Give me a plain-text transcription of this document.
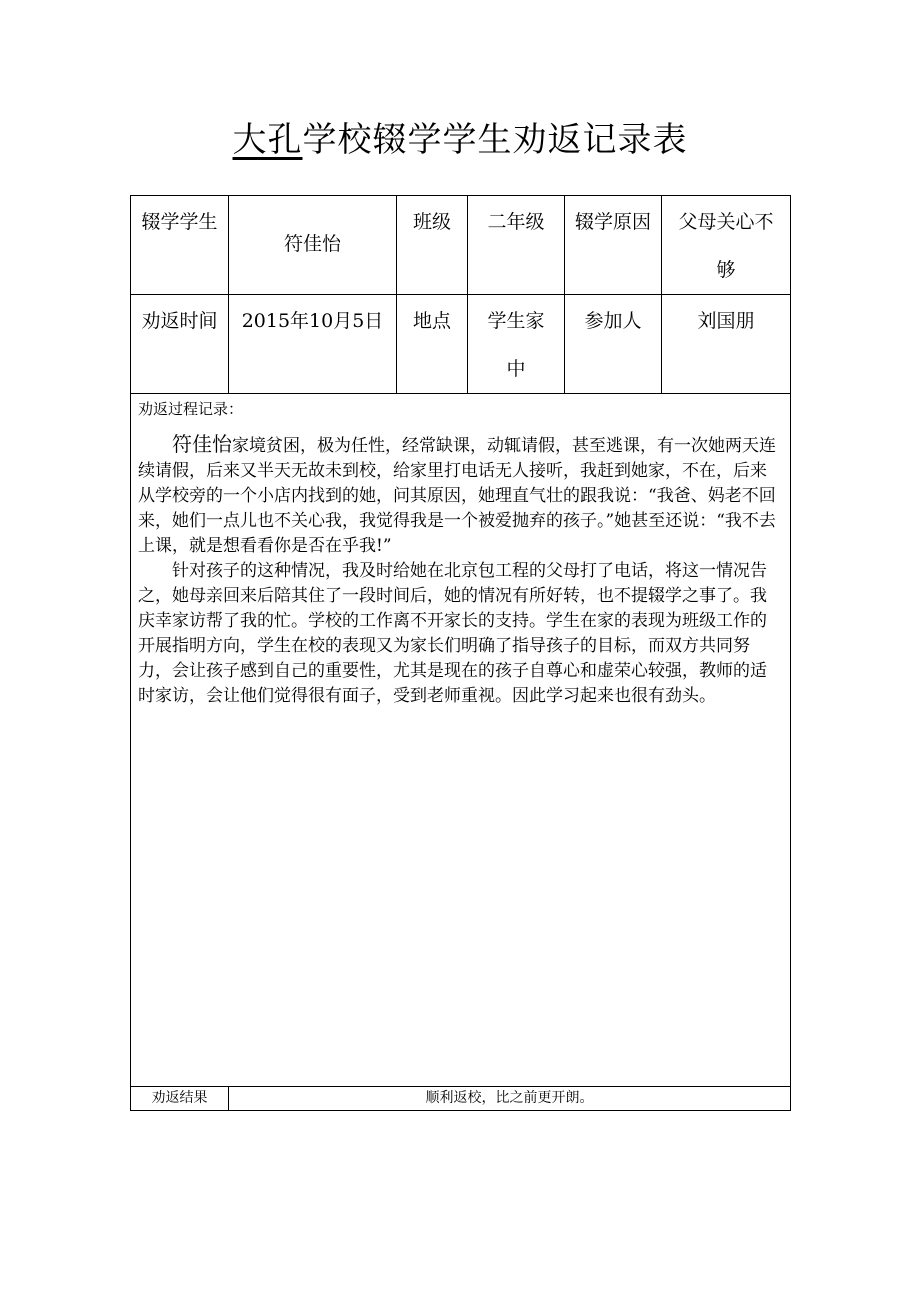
大孔学校辍学学生劝返记录表
辍学学生	符佳怡	班级	二年级	辍学原因	父母关心不够

劝返时间	2015年10月5日	地点	学生家中	参加人	刘国朋

劝返过程记录：
符佳怡家境贫困，极为任性，经常缺课，动辄请假，甚至逃课，有一次她两天连续请假，后来又半天无故未到校，给家里打电话无人接听，我赶到她家，不在，后来从学校旁的一个小店内找到的她，问其原因，她理直气壮的跟我说：“我爸、妈老不回来，她们一点儿也不关心我，我觉得我是一个被爱抛弃的孩子。”她甚至还说：“我不去上课，就是想看看你是否在乎我!”
针对孩子的这种情况，我及时给她在北京包工程的父母打了电话，将这一情况告之，她母亲回来后陪其住了一段时间后，她的情况有所好转，也不提辍学之事了。我庆幸家访帮了我的忙。学校的工作离不开家长的支持。学生在家的表现为班级工作的开展指明方向，学生在校的表现又为家长们明确了指导孩子的目标，而双方共同努力，会让孩子感到自己的重要性，尤其是现在的孩子自尊心和虚荣心较强，教师的适时家访，会让他们觉得很有面子，受到老师重视。因此学习起来也很有劲头。					

劝返结果	顺利返校，比之前更开朗。				
